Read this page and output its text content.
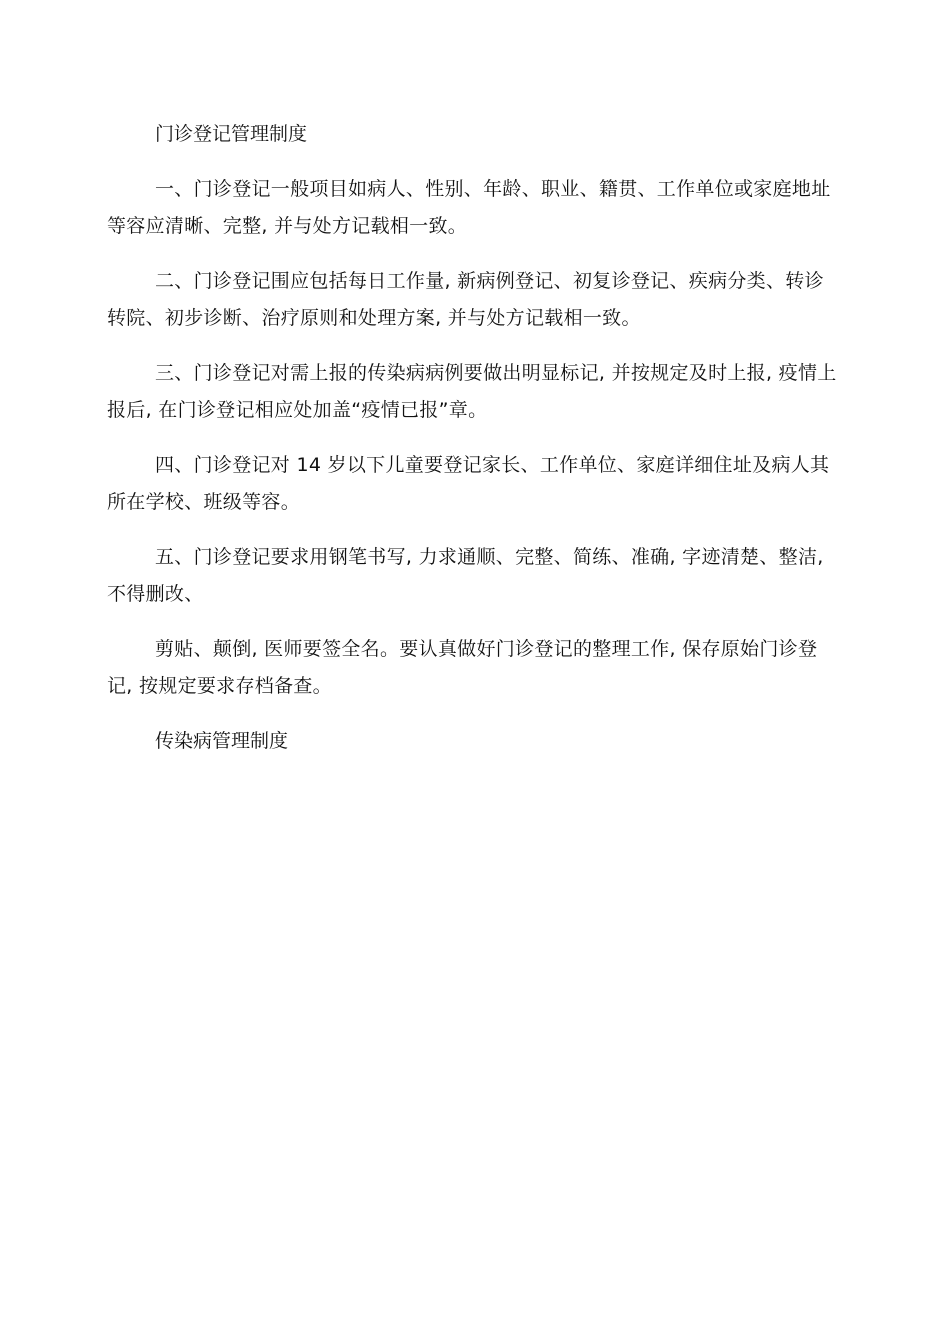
门诊登记管理制度

一、门诊登记一般项目如病人、性别、年龄、职业、籍贯、工作单位或家庭地址等容应清晰、完整, 并与处方记载相一致。

二、门诊登记围应包括每日工作量, 新病例登记、初复诊登记、疾病分类、转诊转院、初步诊断、治疗原则和处理方案, 并与处方记载相一致。

三、门诊登记对需上报的传染病病例要做出明显标记, 并按规定及时上报, 疫情上报后, 在门诊登记相应处加盖“疫情已报”章。

四、门诊登记对 14 岁以下儿童要登记家长、工作单位、家庭详细住址及病人其所在学校、班级等容。

五、门诊登记要求用钢笔书写, 力求通顺、完整、简练、准确, 字迹清楚、整洁, 不得删改、

剪贴、颠倒, 医师要签全名。要认真做好门诊登记的整理工作, 保存原始门诊登记, 按规定要求存档备查。

传染病管理制度
